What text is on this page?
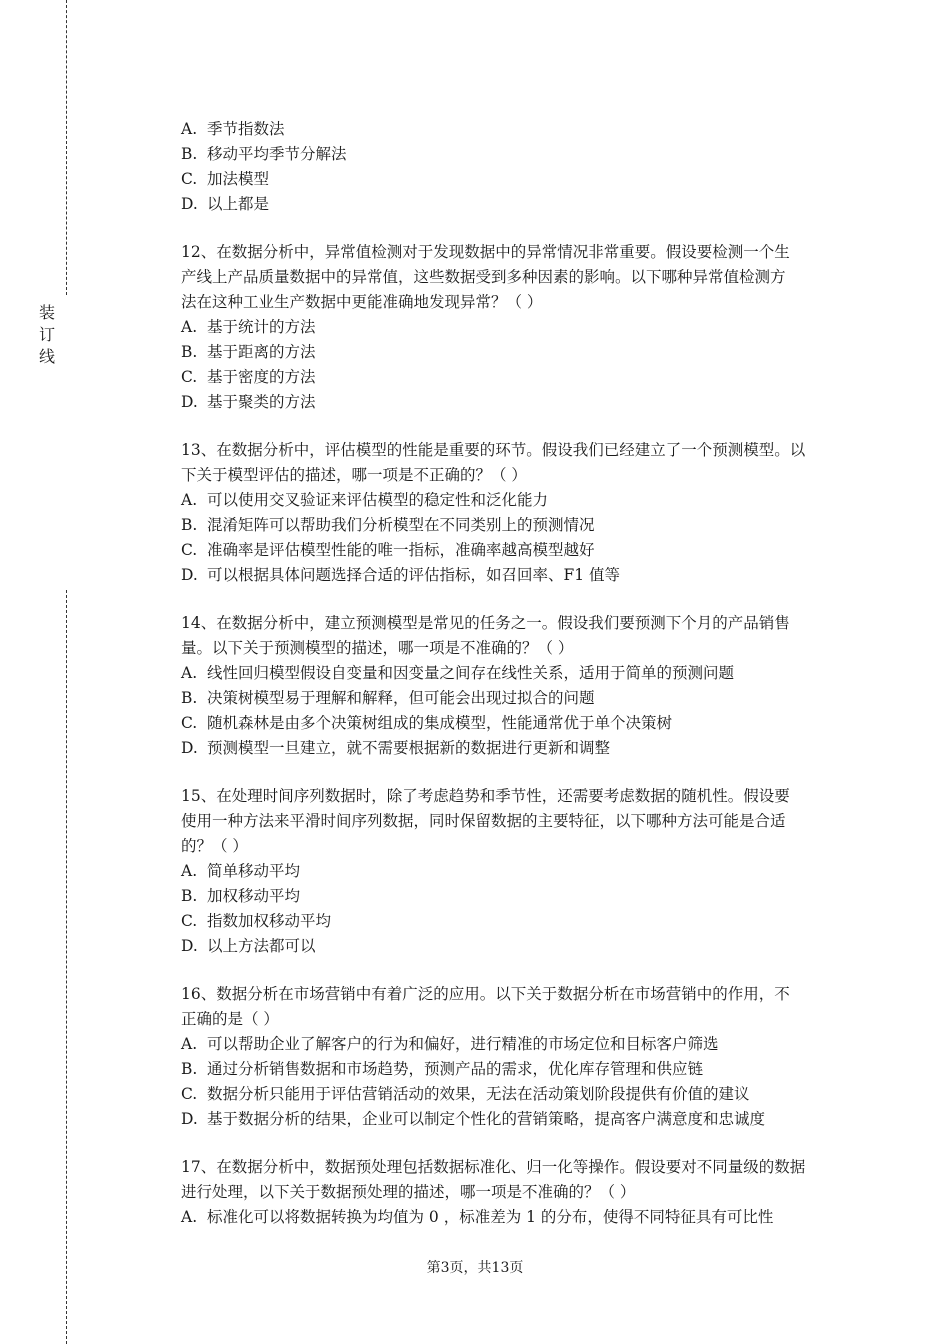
装
订
线
A. 季节指数法
B. 移动平均季节分解法
C. 加法模型
D. 以上都是
12、在数据分析中，异常值检测对于发现数据中的异常情况非常重要。假设要检测一个生
产线上产品质量数据中的异常值，这些数据受到多种因素的影响。以下哪种异常值检测方
法在这种工业生产数据中更能准确地发现异常？（ ）
A. 基于统计的方法
B. 基于距离的方法
C. 基于密度的方法
D. 基于聚类的方法
13、在数据分析中，评估模型的性能是重要的环节。假设我们已经建立了一个预测模型。以
下关于模型评估的描述，哪一项是不正确的？（ ）
A. 可以使用交叉验证来评估模型的稳定性和泛化能力
B. 混淆矩阵可以帮助我们分析模型在不同类别上的预测情况
C. 准确率是评估模型性能的唯一指标，准确率越高模型越好
D. 可以根据具体问题选择合适的评估指标，如召回率、F1 值等
14、在数据分析中，建立预测模型是常见的任务之一。假设我们要预测下个月的产品销售
量。以下关于预测模型的描述，哪一项是不准确的？（ ）
A. 线性回归模型假设自变量和因变量之间存在线性关系，适用于简单的预测问题
B. 决策树模型易于理解和解释，但可能会出现过拟合的问题
C. 随机森林是由多个决策树组成的集成模型，性能通常优于单个决策树
D. 预测模型一旦建立，就不需要根据新的数据进行更新和调整
15、在处理时间序列数据时，除了考虑趋势和季节性，还需要考虑数据的随机性。假设要
使用一种方法来平滑时间序列数据，同时保留数据的主要特征，以下哪种方法可能是合适
的？（ ）
A. 简单移动平均
B. 加权移动平均
C. 指数加权移动平均
D. 以上方法都可以
16、数据分析在市场营销中有着广泛的应用。以下关于数据分析在市场营销中的作用，不
正确的是（ ）
A. 可以帮助企业了解客户的行为和偏好，进行精准的市场定位和目标客户筛选
B. 通过分析销售数据和市场趋势，预测产品的需求，优化库存管理和供应链
C. 数据分析只能用于评估营销活动的效果，无法在活动策划阶段提供有价值的建议
D. 基于数据分析的结果，企业可以制定个性化的营销策略，提高客户满意度和忠诚度
17、在数据分析中，数据预处理包括数据标准化、归一化等操作。假设要对不同量级的数据
进行处理，以下关于数据预处理的描述，哪一项是不准确的？（ ）
A. 标准化可以将数据转换为均值为 0 ，标准差为 1 的分布，使得不同特征具有可比性
第3页，共13页
